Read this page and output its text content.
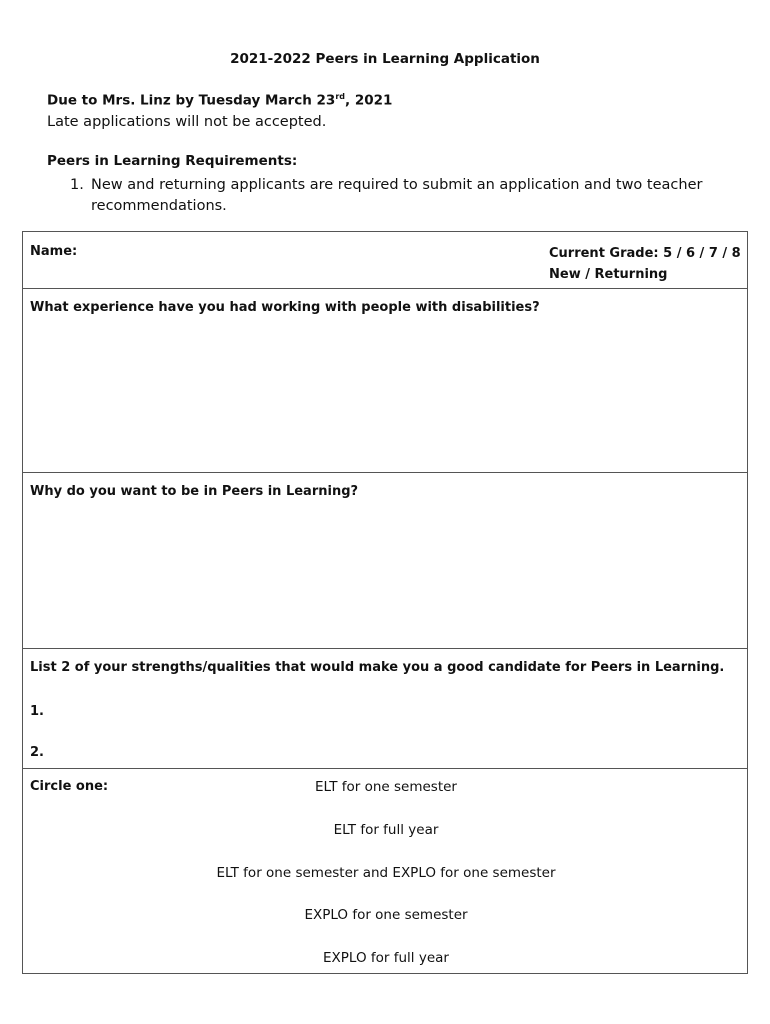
2021-2022 Peers in Learning Application
Due to Mrs. Linz by Tuesday March 23rd, 2021
Late applications will not be accepted.
Peers in Learning Requirements:
1. New and returning applicants are required to submit an application and two teacher recommendations.
Name:	Current Grade: 5 / 6 / 7 / 8
New / Returning
What experience have you had working with people with disabilities?
Why do you want to be in Peers in Learning?
List 2 of your strengths/qualities that would make you a good candidate for Peers in Learning.
1.
2.
Circle one:	ELT for one semester
ELT for full year
ELT for one semester and EXPLO for one semester
EXPLO for one semester
EXPLO for full year
